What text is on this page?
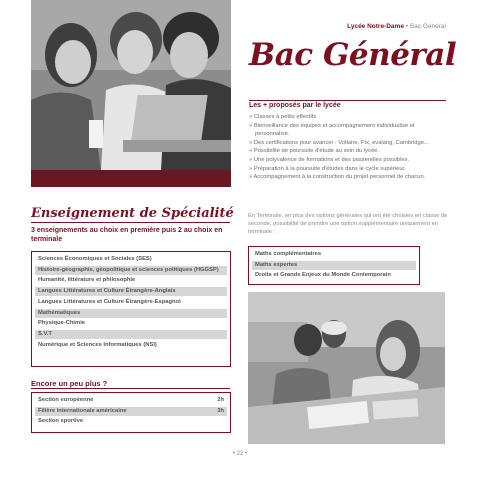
Lycée Notre-Dame • Bac Général
Bac Général
Les + proposés par le lycée
» Classes à petits effectifs
» Bienveillance des équipes et accompagnement individualisé et personnalisé.
» Des certifications pour avancer : Voltaire, Pix, evalang, Cambridge...
» Possibilité de poursuite d'étude au sein du lycée.
» Une polyvalence de formations et des passerelles possibles.
» Préparation à la poursuite d'études dans le cycle supérieur.
» Accompagnement à la construction du projet personnel de chacun.
Enseignement de Spécialité
3 enseignements au choix en première puis 2 au choix en terminale
Sciences Économiques et Sociales (SES)
Histoire-géographie, géopolitique et sciences politiques (HGGSP)
Humanité, littérature et philosophie
Langues Littératures et Culture Étrangère-Anglais
Langues Littératures et Culture Étrangère-Espagnol
Mathématiques
Physique-Chimie
S.V.T
Numérique et Sciences Informatiques (NSI)
Encore un peu plus ?
Section européenne	2h
Filière internationale américaine	3h
Section sportive
En Terminale, en plus des options générales qui ont été choisies en classe de seconde, possibilité de prendre une option supplémentaire uniquement en terminale :
Maths complémentaires
Maths expertes
Droits et Grands Enjeux du Monde Contemporain
• 22 •
